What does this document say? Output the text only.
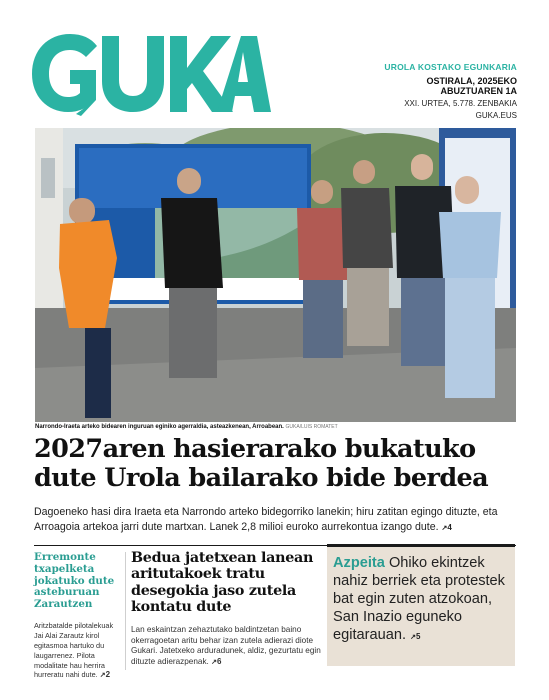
UROLA KOSTAKO EGUNKARIA
OSTIRALA, 2025EKO
ABUZTUAREN 1A
XXI. URTEA, 5.778. ZENBAKIA
GUKA.EUS
Narrondo-Iraeta arteko bidearen inguruan eginiko agerraldia, asteazkenean, Arroabean. GUKA/LUIS ROMATET
2027aren hasierarako bukatuko
dute Urola bailarako bide berdea

Dagoeneko hasi dira Iraeta eta Narrondo arteko bidegorriko lanekin; hiru zatitan egingo dituzte, eta Arroagoia artekoa jarri dute martxan. Lanek 2,8 milioi euroko aurrekontua izango dute. ↗4

Erremonte txapelketa jokatuko dute asteburuan Zarautzen

Aritzbatalde pilotalekuak Jai Alai Zarautz kirol egitasmoa hartuko du laugarrenez. Pilota modalitate hau herrira hurreratu nahi dute. ↗2

Bedua jatetxean lanean aritutakoek tratu desegokia jaso zutela kontatu dute

Lan eskaintzan zehaztutako baldintzetan baino okerragoetan aritu behar izan zutela adierazi diote Gukari. Jatetxeko arduradunek, aldiz, gezurtatu egin dituzte adierazpenak. ↗6

Azpeita Ohiko ekintzek nahiz berriek eta protestek bat egin zuten atzokoan, San Inazio eguneko egitarauan. ↗5
